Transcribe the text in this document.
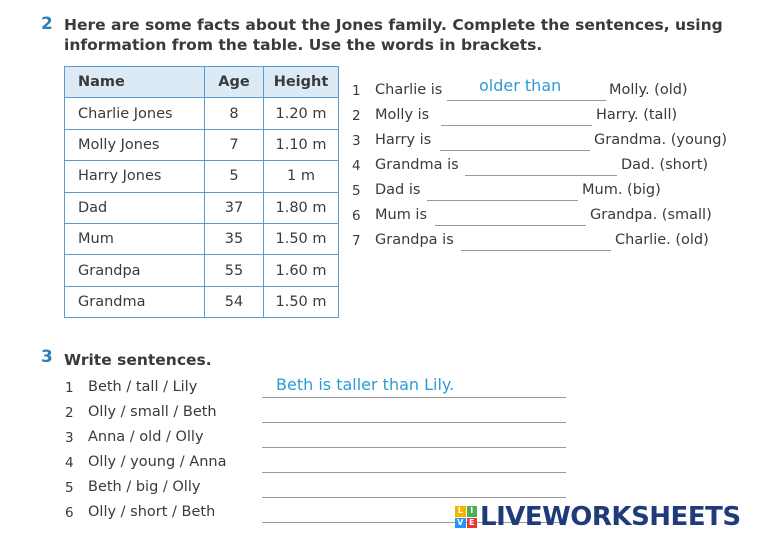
2 Here are some facts about the Jones family. Complete the sentences, using
information from the table. Use the words in brackets.
Name	Age	Height
Charlie Jones	8	1.20 m
Molly Jones	7	1.10 m
Harry Jones	5	1 m
Dad	37	1.80 m
Mum	35	1.50 m
Grandpa	55	1.60 m
Grandma	54	1.50 m
1 Charlie is older than	Molly. (old)
2 Molly is	Harry. (tall)
3 Harry is	Grandma. (young)
4 Grandma is	Dad. (short)
5 Dad is	Mum. (big)
6 Mum is	Grandpa. (small)
7 Grandpa is	Charlie. (old)
3 Write sentences.
1 Beth / tall / Lily	Beth is taller than Lily.
2 Olly / small / Beth
3 Anna / old / Olly
4 Olly / young / Anna
5 Beth / big / Olly
6 Olly / short / Beth	L I
V E LIVEWORKSHEETS
